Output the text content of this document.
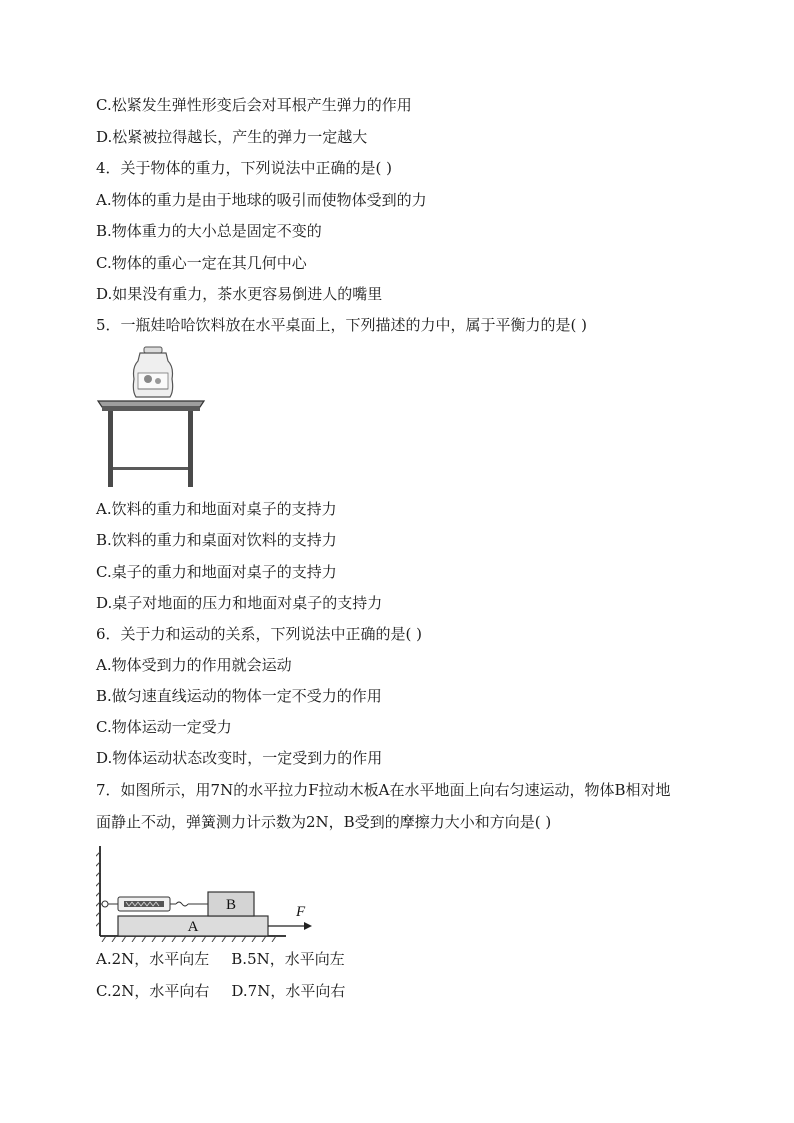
C.松紧发生弹性形变后会对耳根产生弹力的作用
D.松紧被拉得越长，产生的弹力一定越大
4．关于物体的重力，下列说法中正确的是( )
A.物体的重力是由于地球的吸引而使物体受到的力
B.物体重力的大小总是固定不变的
C.物体的重心一定在其几何中心
D.如果没有重力，茶水更容易倒进人的嘴里
5．一瓶娃哈哈饮料放在水平桌面上，下列描述的力中，属于平衡力的是( )
A.饮料的重力和地面对桌子的支持力
B.饮料的重力和桌面对饮料的支持力
C.桌子的重力和地面对桌子的支持力
D.桌子对地面的压力和地面对桌子的支持力
6．关于力和运动的关系，下列说法中正确的是( )
A.物体受到力的作用就会运动
B.做匀速直线运动的物体一定不受力的作用
C.物体运动一定受力
D.物体运动状态改变时，一定受到力的作用
7．如图所示，用7N的水平拉力F拉动木板A在水平地面上向右匀速运动，物体B相对地
面静止不动，弹簧测力计示数为2N，B受到的摩擦力大小和方向是( )
A
B	F
A.2N，水平向左 B.5N，水平向左
C.2N，水平向右 D.7N，水平向右
